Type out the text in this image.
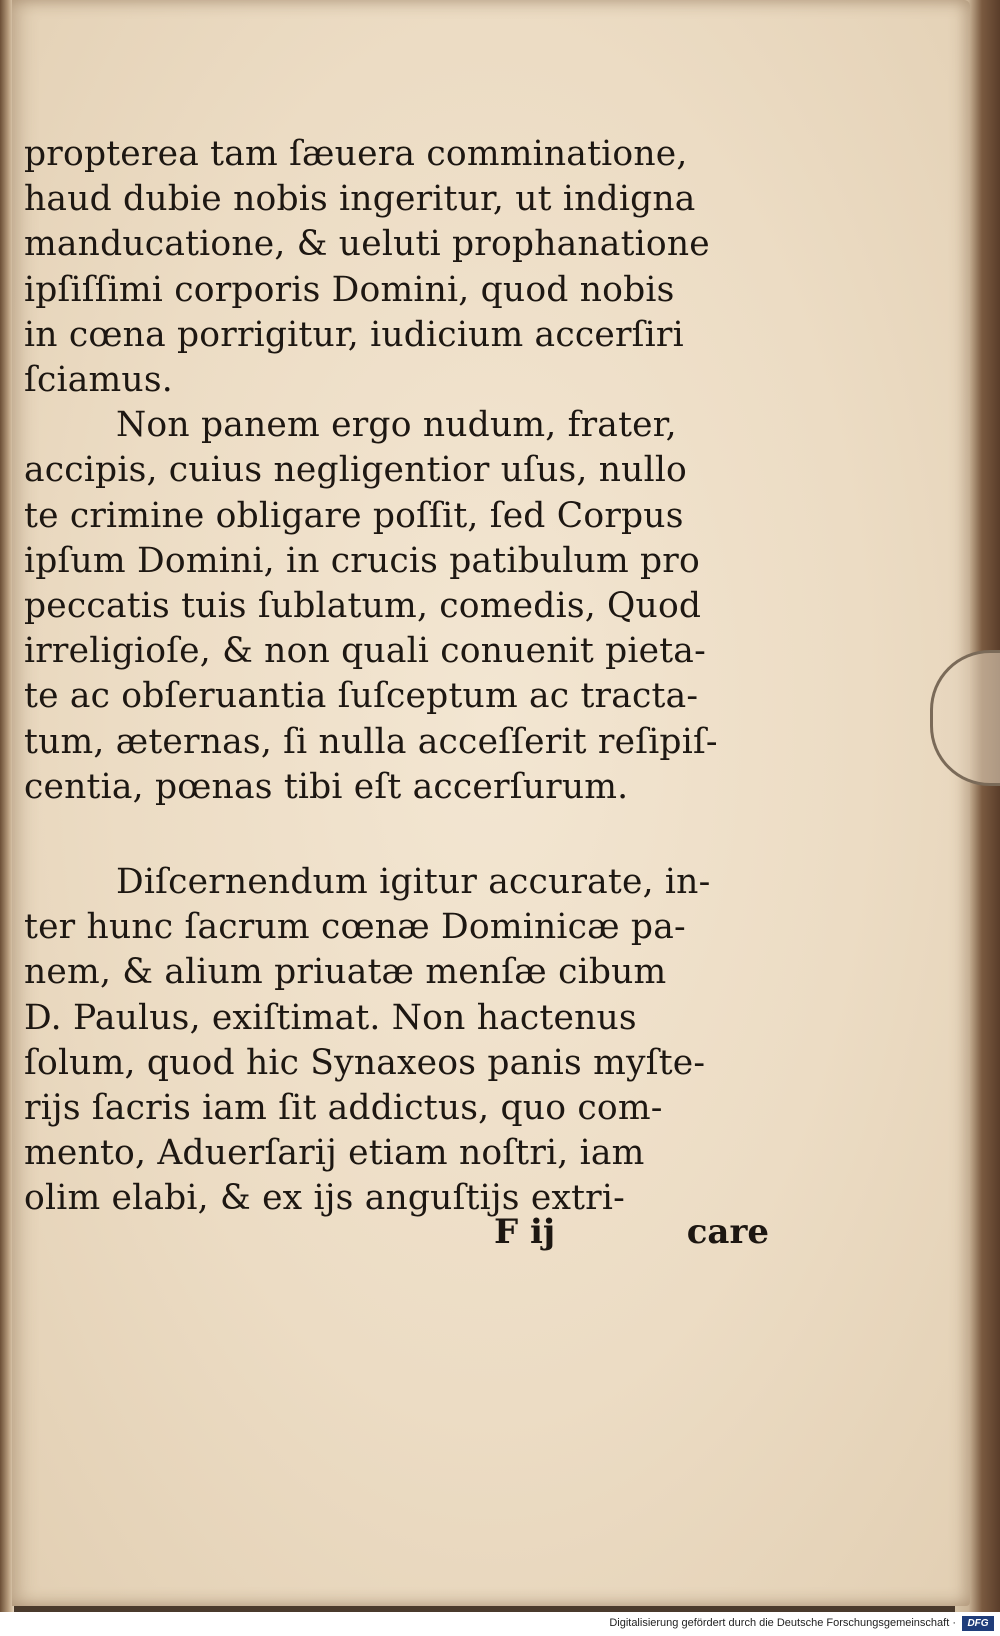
propterea tam ſæuera comminatione,
haud dubie nobis ingeritur, ut indigna
manducatione, & ueluti prophanatione
ipſiſſimi corporis Domini, quod nobis
in cœna porrigitur, iudicium accerſiri
ſciamus.

Non panem ergo nudum, frater,
accipis, cuius negligentior uſus, nullo
te crimine obligare poſſit, ſed Corpus
ipſum Domini, in crucis patibulum pro
peccatis tuis ſublatum, comedis, Quod
irreligioſe, & non quali conuenit pieta-
te ac obſeruantia ſuſceptum ac tracta-
tum, æternas, ſi nulla acceſſerit reſipiſ-
centia, pœnas tibi eſt accerſurum.

Diſcernendum igitur accurate, in-
ter hunc ſacrum cœnæ Dominicæ pa-
nem, & alium priuatæ menſæ cibum
D. Paulus, exiſtimat. Non hactenus
ſolum, quod hic Synaxeos panis myſte-
rijs ſacris iam ſit addictus, quo com-
mento, Aduerſarij etiam noſtri, iam
olim elabi, & ex ijs anguſtijs extri-

F ij	care
Digitalisierung gefördert durch die Deutsche Forschungsgemeinschaft ·	DFG
